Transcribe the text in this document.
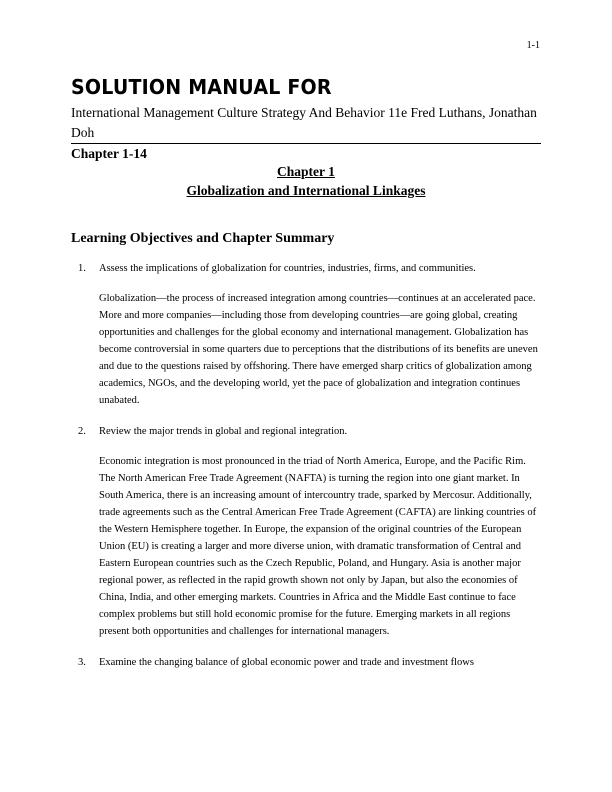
1-1
SOLUTION MANUAL FOR
International Management Culture Strategy And Behavior 11e Fred Luthans, Jonathan Doh
Chapter 1-14
Chapter 1
Globalization and International Linkages
Learning Objectives and Chapter Summary
1. Assess the implications of globalization for countries, industries, firms, and communities.

Globalization—the process of increased integration among countries—continues at an accelerated pace. More and more companies—including those from developing countries—are going global, creating opportunities and challenges for the global economy and international management. Globalization has become controversial in some quarters due to perceptions that the distributions of its benefits are uneven and due to the questions raised by offshoring. There have emerged sharp critics of globalization among academics, NGOs, and the developing world, yet the pace of globalization and integration continues unabated.

2. Review the major trends in global and regional integration.

Economic integration is most pronounced in the triad of North America, Europe, and the Pacific Rim. The North American Free Trade Agreement (NAFTA) is turning the region into one giant market. In South America, there is an increasing amount of intercountry trade, sparked by Mercosur. Additionally, trade agreements such as the Central American Free Trade Agreement (CAFTA) are linking countries of the Western Hemisphere together. In Europe, the expansion of the original countries of the European Union (EU) is creating a larger and more diverse union, with dramatic transformation of Central and Eastern European countries such as the Czech Republic, Poland, and Hungary. Asia is another major regional power, as reflected in the rapid growth shown not only by Japan, but also the economies of China, India, and other emerging markets. Countries in Africa and the Middle East continue to face complex problems but still hold economic promise for the future. Emerging markets in all regions present both opportunities and challenges for international managers.

3. Examine the changing balance of global economic power and trade and investment flows
